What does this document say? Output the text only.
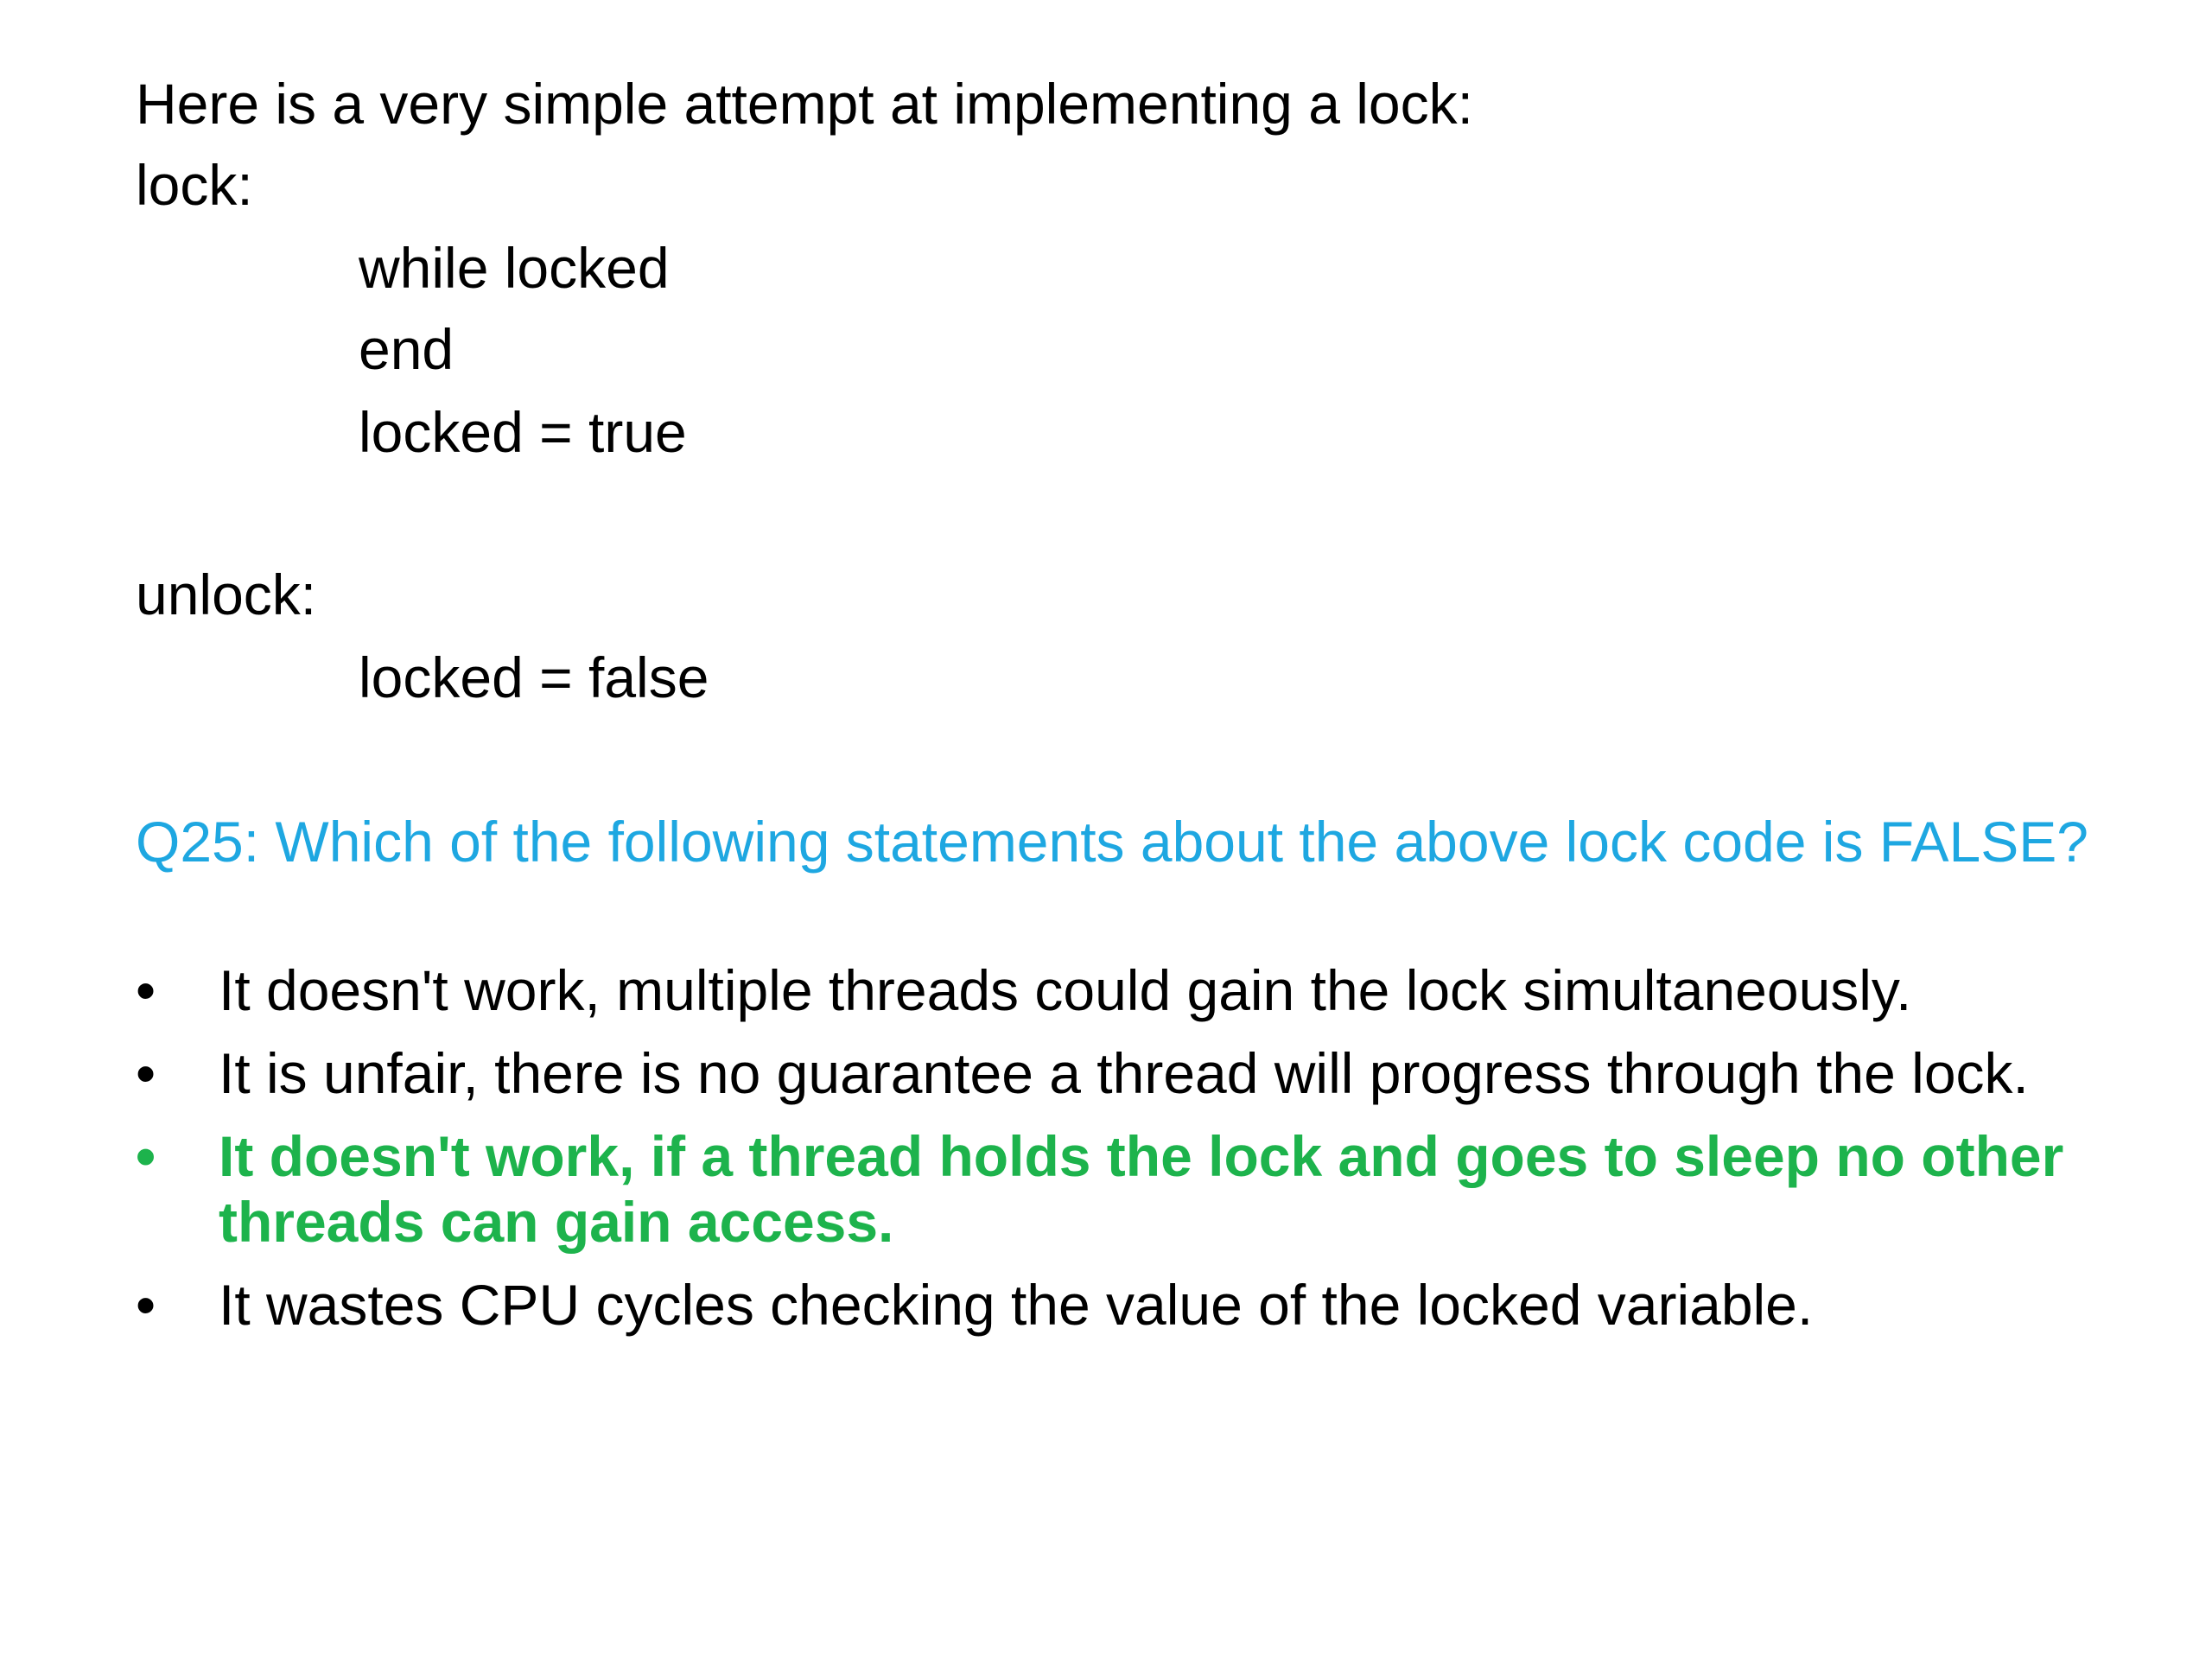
Here is a very simple attempt at implementing a lock:
lock:
while locked
end
locked = true
unlock:
locked = false
Q25: Which of the following statements about the above lock code is FALSE?
• It doesn't work, multiple threads could gain the lock simultaneously.
• It is unfair, there is no guarantee a thread will progress through the lock.
• It doesn't work, if a thread holds the lock and goes to sleep no other threads can gain access.
• It wastes CPU cycles checking the value of the locked variable.
